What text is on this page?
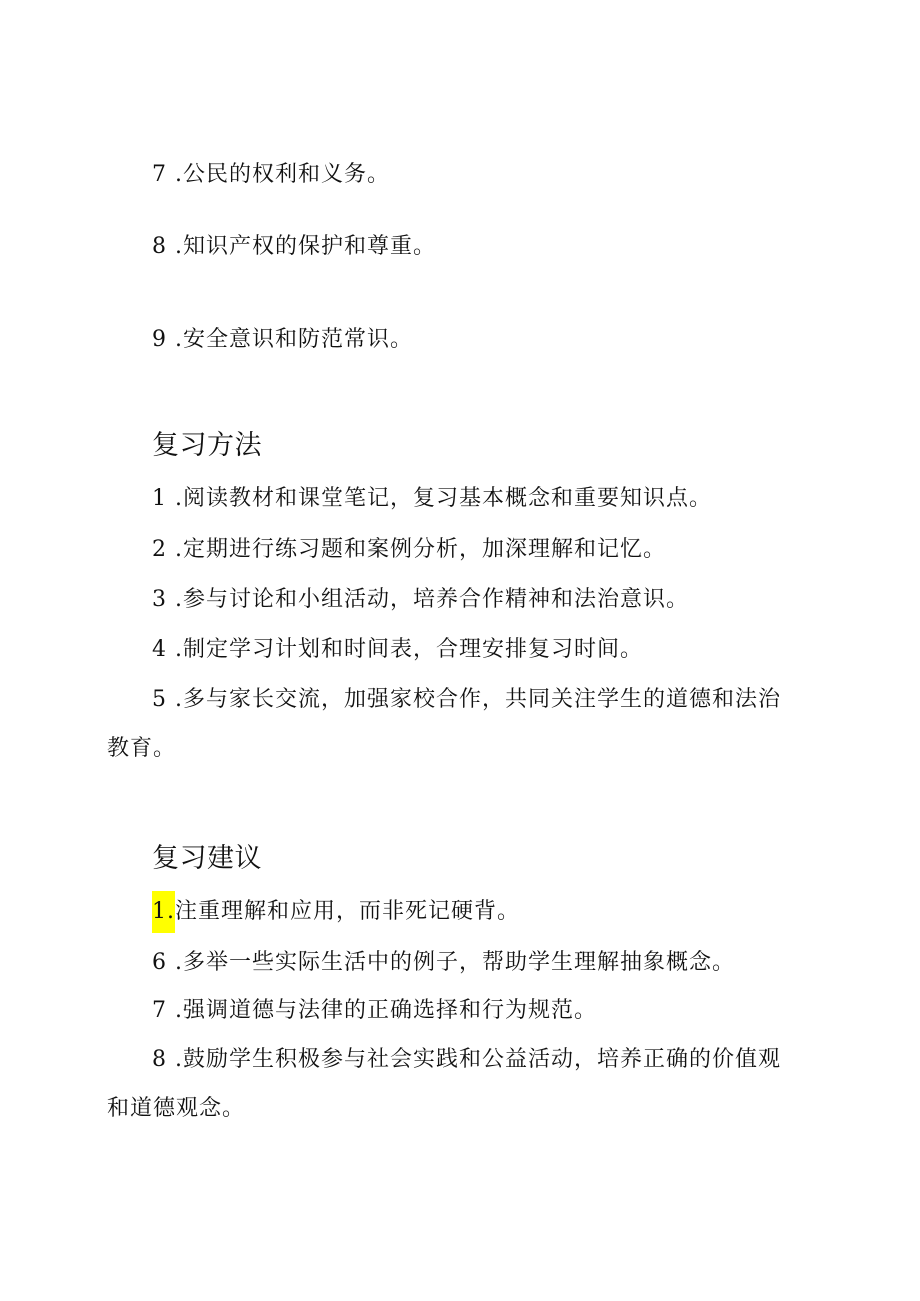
7 .公民的权利和义务。
8 .知识产权的保护和尊重。
9 .安全意识和防范常识。
复习方法
1 .阅读教材和课堂笔记，复习基本概念和重要知识点。
2 .定期进行练习题和案例分析，加深理解和记忆。
3 .参与讨论和小组活动，培养合作精神和法治意识。
4 .制定学习计划和时间表，合理安排复习时间。
5 .多与家长交流，加强家校合作，共同关注学生的道德和法治
教育。
复习建议
1.注重理解和应用，而非死记硬背。
6 .多举一些实际生活中的例子，帮助学生理解抽象概念。
7 .强调道德与法律的正确选择和行为规范。
8 .鼓励学生积极参与社会实践和公益活动，培养正确的价值观
和道德观念。
